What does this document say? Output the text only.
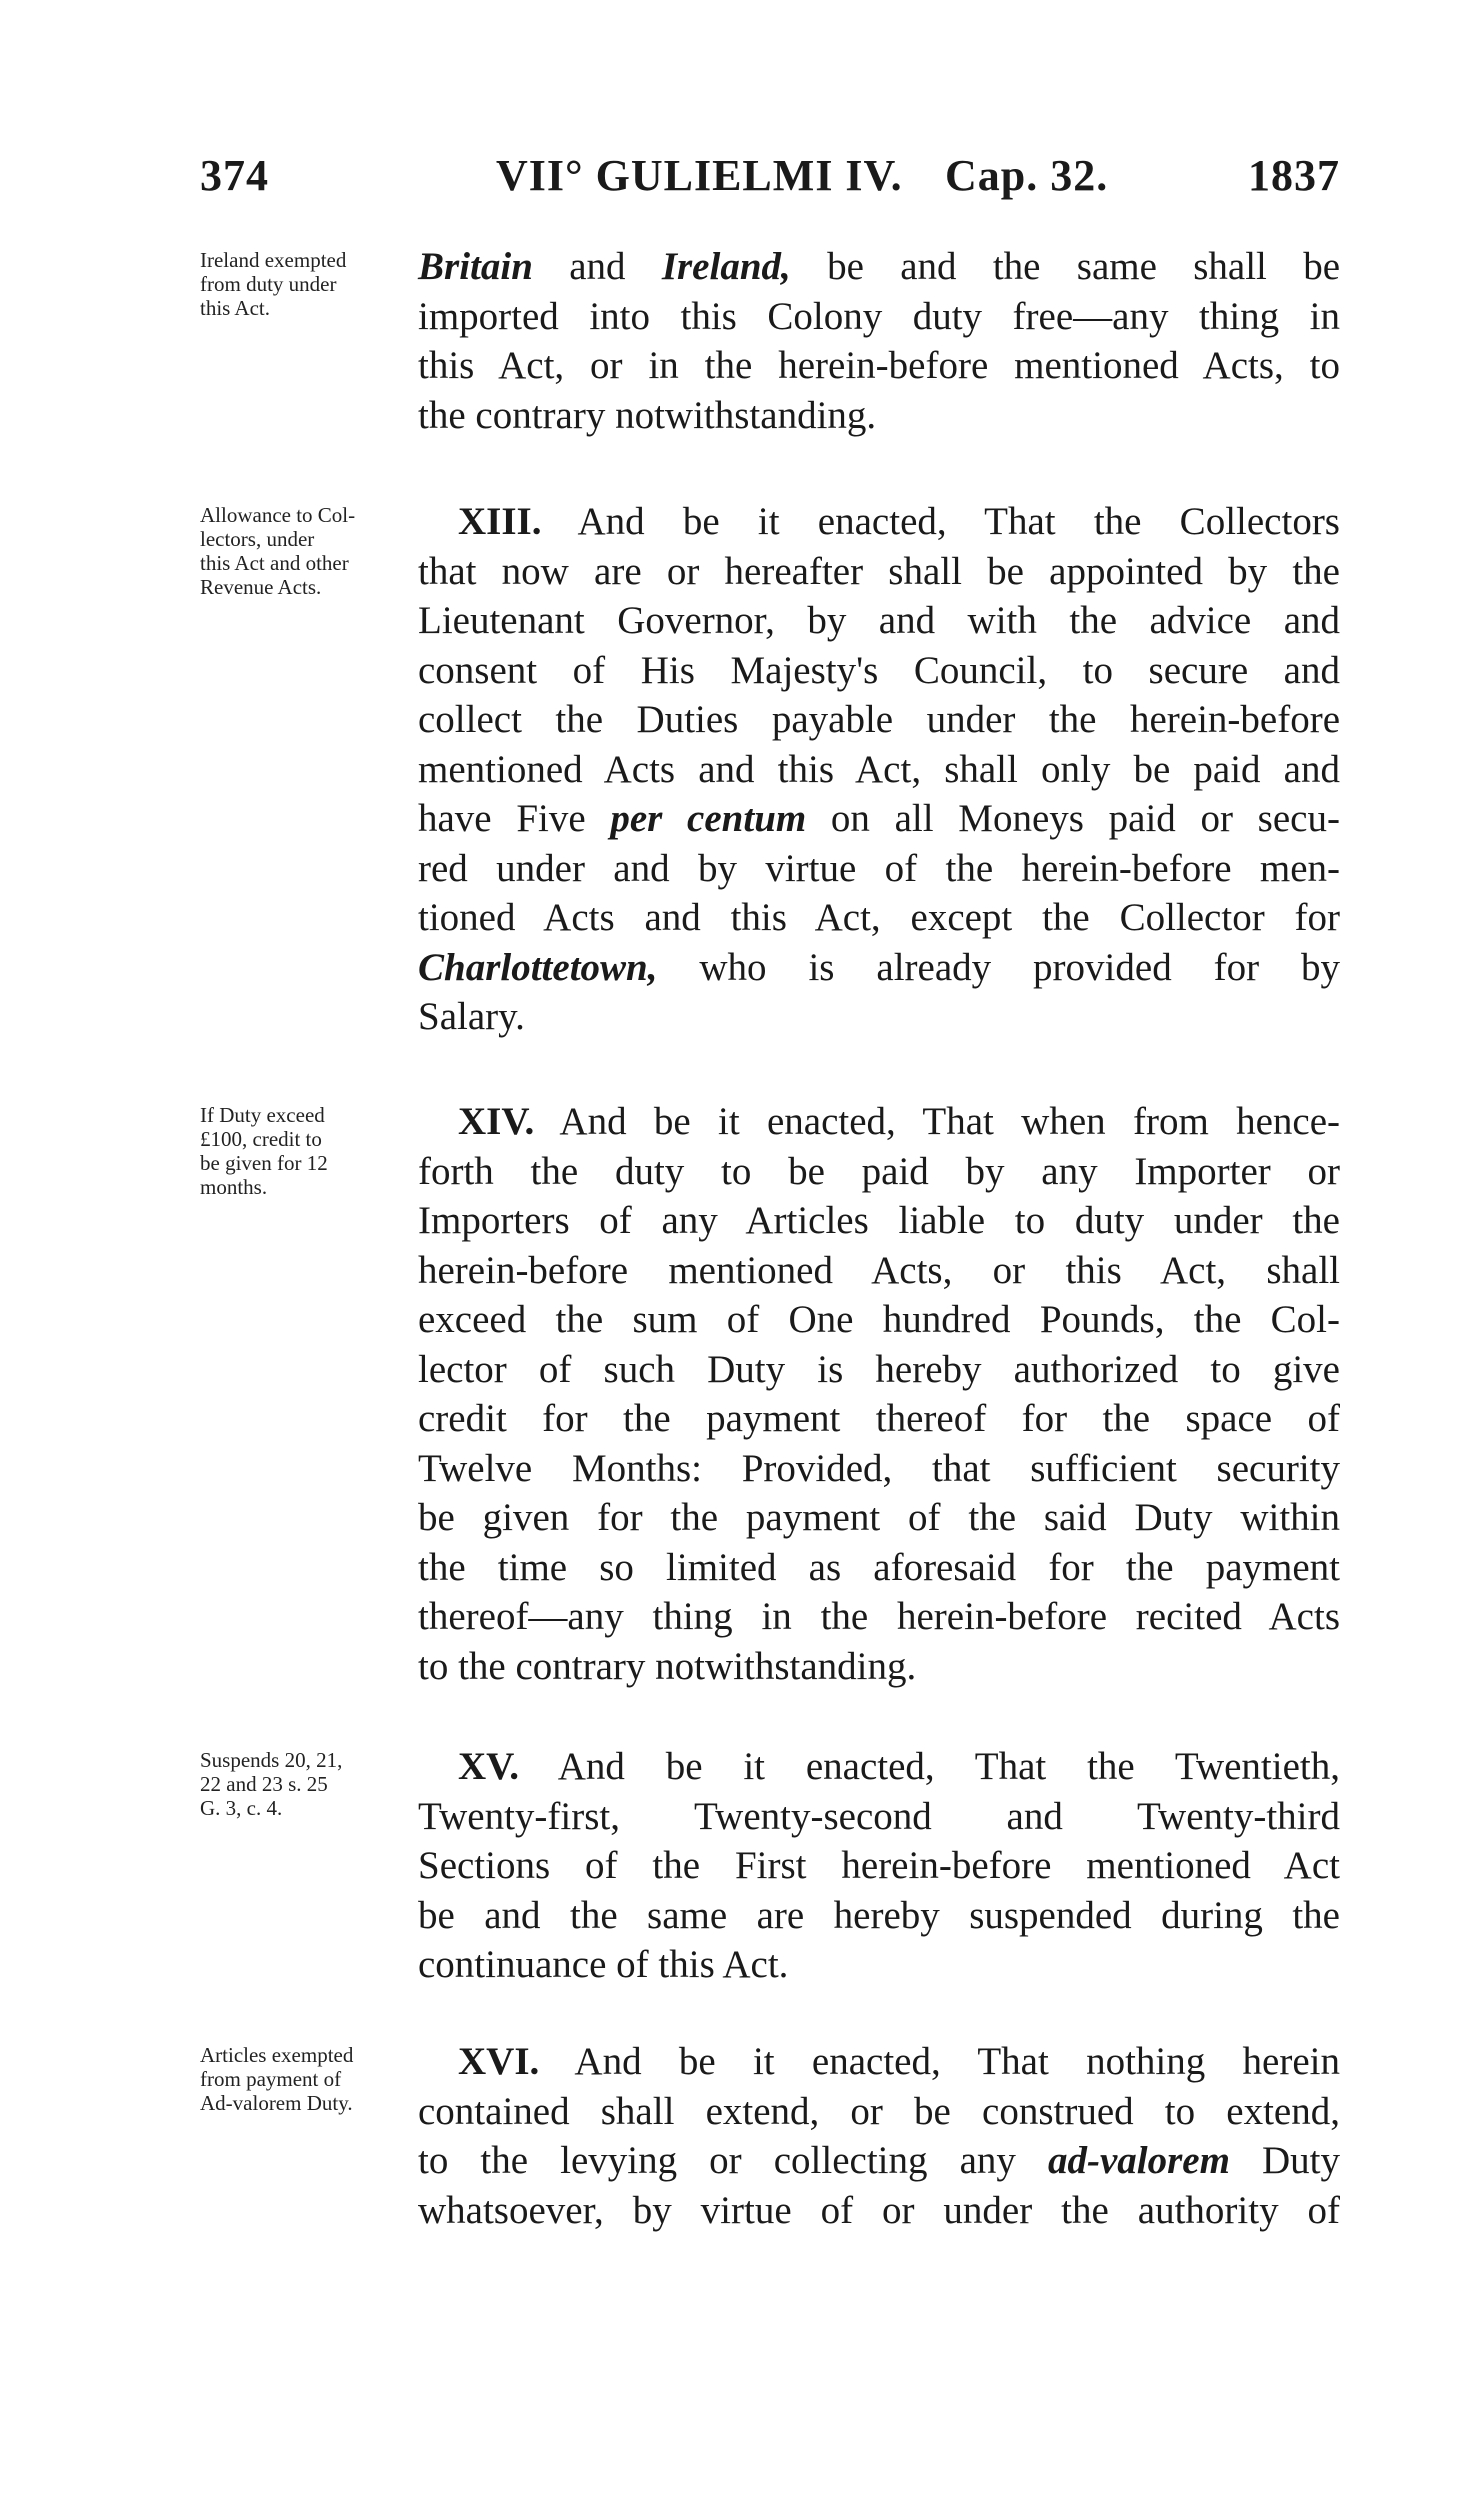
374	VII° GULIELMI IV. Cap. 32.	1837
Ireland exempted
from duty under
this Act.
Britain and Ireland, be and the same shall be
imported into this Colony duty free—any thing in
this Act, or in the herein-before mentioned Acts, to
the contrary notwithstanding.
Allowance to Col-
lectors, under
this Act and other
Revenue Acts.
XIII. And be it enacted, That the Collectors
that now are or hereafter shall be appointed by the
Lieutenant Governor, by and with the advice and
consent of His Majesty's Council, to secure and
collect the Duties payable under the herein-before
mentioned Acts and this Act, shall only be paid and
have Five per centum on all Moneys paid or secu-
red under and by virtue of the herein-before men-
tioned Acts and this Act, except the Collector for
Charlottetown, who is already provided for by
Salary.
If Duty exceed
£100, credit to
be given for 12
months.
XIV. And be it enacted, That when from hence-
forth the duty to be paid by any Importer or
Importers of any Articles liable to duty under the
herein-before mentioned Acts, or this Act, shall
exceed the sum of One hundred Pounds, the Col-
lector of such Duty is hereby authorized to give
credit for the payment thereof for the space of
Twelve Months: Provided, that sufficient security
be given for the payment of the said Duty within
the time so limited as aforesaid for the payment
thereof—any thing in the herein-before recited Acts
to the contrary notwithstanding.
Suspends 20, 21,
22 and 23 s. 25
G. 3, c. 4.
XV. And be it enacted, That the Twentieth,
Twenty-first, Twenty-second and Twenty-third
Sections of the First herein-before mentioned Act
be and the same are hereby suspended during the
continuance of this Act.
Articles exempted
from payment of
Ad-valorem Duty.
XVI. And be it enacted, That nothing herein
contained shall extend, or be construed to extend,
to the levying or collecting any ad-valorem Duty
whatsoever, by virtue of or under the authority of
